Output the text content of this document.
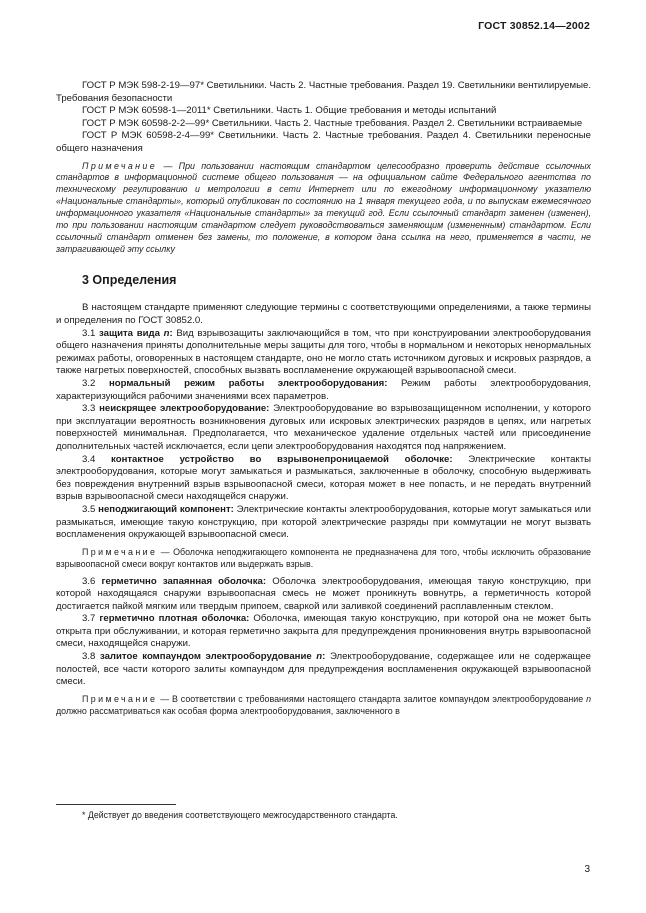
ГОСТ 30852.14—2002

ГОСТ Р МЭК 598-2-19—97* Светильники. Часть 2. Частные требования. Раздел 19. Светильники вентилируемые. Требования безопасности

ГОСТ Р МЭК 60598-1—2011* Светильники. Часть 1. Общие требования и методы испытаний

ГОСТ Р МЭК 60598-2-2—99* Светильники. Часть 2. Частные требования. Раздел 2. Светильники встраиваемые

ГОСТ Р МЭК 60598-2-4—99* Светильники. Часть 2. Частные требования. Раздел 4. Светильники переносные общего назначения

Примечание — При пользовании настоящим стандартом целесообразно проверить действие ссылочных стандартов в информационной системе общего пользования — на официальном сайте Федерального агентства по техническому регулированию и метрологии в сети Интернет или по ежегодному информационному указателю «Национальные стандарты», который опубликован по состоянию на 1 января текущего года, и по выпускам ежемесячного информационного указателя «Национальные стандарты» за текущий год. Если ссылочный стандарт заменен (изменен), то при пользовании настоящим стандартом следует руководствоваться заменяющим (измененным) стандартом. Если ссылочный стандарт отменен без замены, то положение, в котором дана ссылка на него, применяется в части, не затрагивающей эту ссылку

3 Определения

В настоящем стандарте применяют следующие термины с соответствующими определениями, а также термины и определения по ГОСТ 30852.0.

3.1 защита вида n: Вид взрывозащиты заключающийся в том, что при конструировании электрооборудования общего назначения приняты дополнительные меры защиты для того, чтобы в нормальном и некоторых ненормальных режимах работы, оговоренных в настоящем стандарте, оно не могло стать источником дуговых и искровых разрядов, а также нагретых поверхностей, способных вызвать воспламенение окружающей взрывоопасной смеси.

3.2 нормальный режим работы электрооборудования: Режим работы электрооборудования, характеризующийся рабочими значениями всех параметров.

3.3 неискрящее электрооборудование: Электрооборудование во взрывозащищенном исполнении, у которого при эксплуатации вероятность возникновения дуговых или искровых электрических разрядов в цепях, или нагретых поверхностей минимальная. Предполагается, что механическое удаление отдельных частей или присоединение дополнительных частей исключается, если цепи электрооборудования находятся под напряжением.

3.4 контактное устройство во взрывонепроницаемой оболочке: Электрические контакты электрооборудования, которые могут замыкаться и размыкаться, заключенные в оболочку, способную выдерживать без повреждения внутренний взрыв взрывоопасной смеси, которая может в нее попасть, и не передать внутренний взрыв взрывоопасной смеси находящейся снаружи.

3.5 неподжигающий компонент: Электрические контакты электрооборудования, которые могут замыкаться или размыкаться, имеющие такую конструкцию, при которой электрические разряды при коммутации не могут вызвать воспламенения окружающей взрывоопасной смеси.

Примечание — Оболочка неподжигающего компонента не предназначена для того, чтобы исключить образование взрывоопасной смеси вокруг контактов или выдержать взрыв.

3.6 герметично запаянная оболочка: Оболочка электрооборудования, имеющая такую конструкцию, при которой находящаяся снаружи взрывоопасная смесь не может проникнуть вовнутрь, а герметичность которой достигается пайкой мягким или твердым припоем, сваркой или заливкой соединений расплавленным стеклом.

3.7 герметично плотная оболочка: Оболочка, имеющая такую конструкцию, при которой она не может быть открыта при обслуживании, и которая герметично закрыта для предупреждения проникновения внутрь взрывоопасной смеси, находящейся снаружи.

3.8 залитое компаундом электрооборудование n: Электрооборудование, содержащее или не содержащее полостей, все части которого залиты компаундом для предупреждения воспламенения окружающей взрывоопасной смеси.

Примечание — В соответствии с требованиями настоящего стандарта залитое компаундом электрооборудование n должно рассматриваться как особая форма электрооборудования, заключенного в

* Действует до введения соответствующего межгосударственного стандарта.
3
